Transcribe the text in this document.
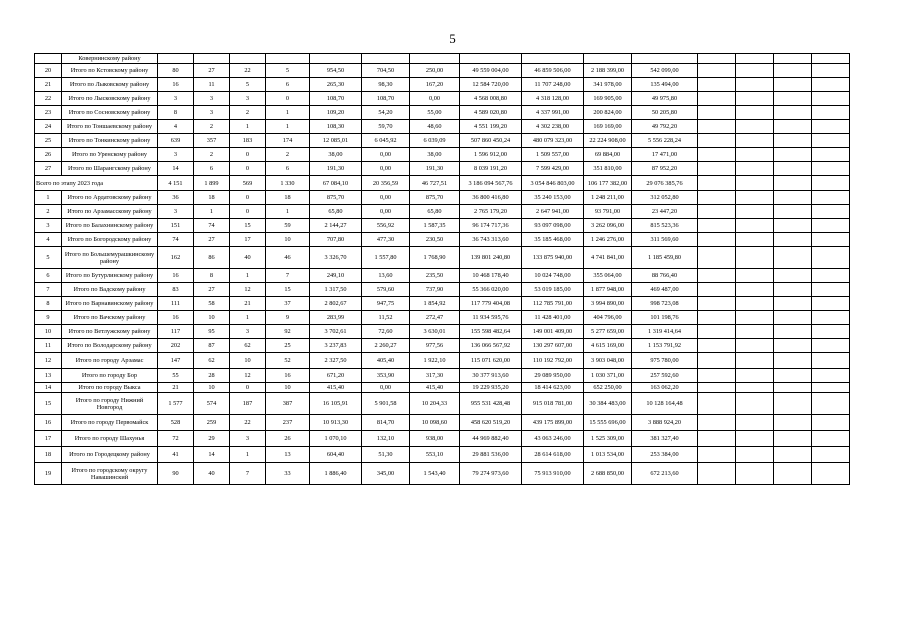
5
	Ковернинскому району															
20	Итого по Кстовскому району	80	27	22	5	954,50	704,50	250,00	49 559 004,00	46 859 506,00	2 188 399,00	542 099,00				
21	Итого по Лыковскому району	16	11	5	6	265,30	98,30	167,20	12 584 720,00	11 707 248,00	341 978,00	135 494,00				
22	Итого по Лысковскому району	3	3	3	0	108,70	108,70	0,00	4 568 008,80	4 318 128,00	169 905,00	49 975,80				
23	Итого по Сосновскому району	8	3	2	1	109,20	54,20	55,00	4 589 020,80	4 337 991,00	200 824,00	50 205,80				
24	Итого по Тоншаевскому району	4	2	1	1	108,30	59,70	48,60	4 551 199,20	4 302 238,00	169 169,00	49 792,20				
25	Итого по Тонкинскому району	639	357	183	174	12 085,01	6 045,92	6 039,09	507 860 450,24	480 079 323,00	22 224 908,00	5 556 228,24				
26	Итого по Уренскому району	3	2	0	2	38,00	0,00	38,00	1 596 912,00	1 509 557,00	69 884,00	17 471,00				
27	Итого по Шарангскому району	14	6	0	6	191,30	0,00	191,30	8 039 191,20	7 599 429,00	351 810,00	87 952,20				
Всего по этапу 2023 года		4 151	1 899	569	1 330	67 084,10	20 356,59	46 727,51	3 186 094 567,76	3 054 846 803,00	106 177 382,00	29 076 385,76				
1	Итого по Ардатовскому району	36	18	0	18	875,70	0,00	875,70	36 800 416,80	35 240 153,00	1 248 211,00	312 052,80				
2	Итого по Арзамасскому району	3	1	0	1	65,80	0,00	65,80	2 765 179,20	2 647 941,00	93 791,00	23 447,20				
3	Итого по Балахнинскому району	151	74	15	59	2 144,27	556,92	1 587,35	96 174 717,36	93 097 098,00	3 262 096,00	815 523,36				
4	Итого по Богородскому району	74	27	17	10	707,80	477,30	230,50	36 743 313,60	35 185 468,00	1 246 276,00	311 569,60				
5	Итого по Большемурашкинскому району	162	86	40	46	3 326,70	1 557,80	1 768,90	139 801 240,80	133 875 940,00	4 741 841,00	1 185 459,80				
6	Итого по Бутурлинскому району	16	8	1	7	249,10	13,60	235,50	10 468 178,40	10 024 748,00	355 064,00	88 766,40				
7	Итого по Вадскому району	83	27	12	15	1 317,50	579,60	737,90	55 366 020,00	53 019 185,00	1 877 948,00	469 487,00				
8	Итого по Варнавинскому району	111	58	21	37	2 802,67	947,75	1 854,92	117 779 404,08	112 785 791,00	3 994 890,00	998 723,08				
9	Итого по Вачскому району	16	10	1	9	283,99	11,52	272,47	11 934 595,76	11 428 401,00	404 796,00	101 198,76				
10	Итого по Ветлужскому району	117	95	3	92	3 702,61	72,60	3 630,01	155 598 482,64	149 001 409,00	5 277 659,00	1 319 414,64				
11	Итого по Володарскому району	202	87	62	25	3 237,83	2 260,27	977,56	136 066 567,92	130 297 607,00	4 615 169,00	1 153 791,92				
12	Итого по городу Арзамас	147	62	10	52	2 327,50	405,40	1 922,10	115 071 620,00	110 192 792,00	3 903 048,00	975 780,00				
13	Итого по городу Бор	55	28	12	16	671,20	353,90	317,30	30 377 913,60	29 089 950,00	1 030 371,00	257 592,60				
14	Итого по городу Выкса	21	10	0	10	415,40	0,00	415,40	19 229 935,20	18 414 623,00	652 250,00	163 062,20				
15	Итого по городу Нижний Новгород	1 577	574	187	387	16 105,91	5 901,58	10 204,33	955 531 428,48	915 018 781,00	30 384 483,00	10 128 164,48				
16	Итого по городу Первомайск	528	259	22	237	10 913,30	814,70	10 098,60	458 620 519,20	439 175 899,00	15 555 696,00	3 888 924,20				
17	Итого по городу Шахунья	72	29	3	26	1 070,10	132,10	938,00	44 969 882,40	43 063 246,00	1 525 309,00	381 327,40				
18	Итого по Городецкому району	41	14	1	13	604,40	51,30	553,10	29 881 536,00	28 614 618,00	1 013 534,00	253 384,00				
19	Итого по городскому округу Навашинский	90	40	7	33	1 886,40	345,00	1 543,40	79 274 973,60	75 913 910,00	2 688 850,00	672 213,60				
